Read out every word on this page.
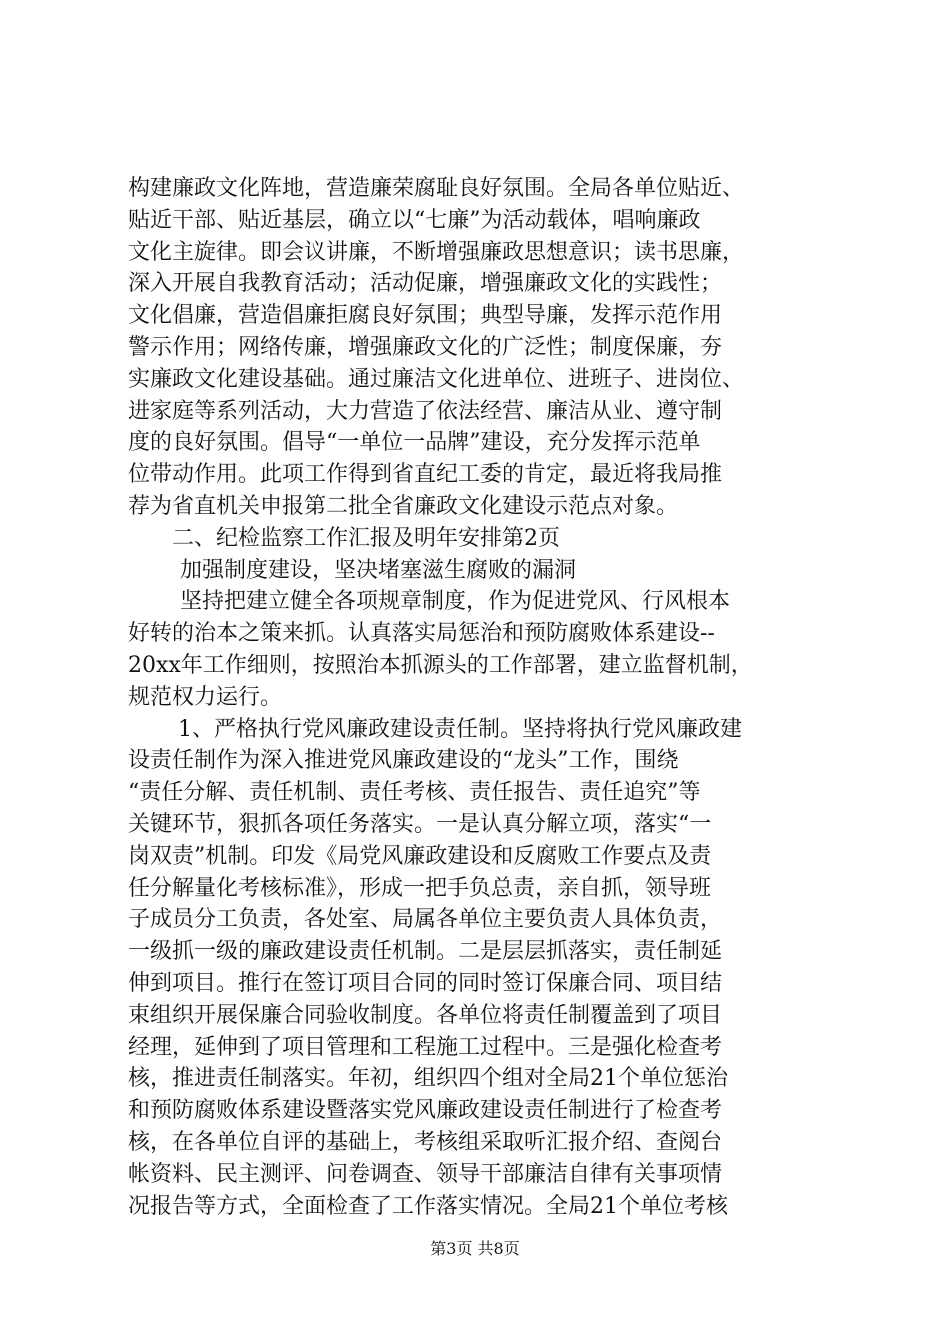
构建廉政文化阵地，营造廉荣腐耻良好氛围。全局各单位贴近、
贴近干部、贴近基层，确立以“七廉”为活动载体，唱响廉政
文化主旋律。即会议讲廉，不断增强廉政思想意识；读书思廉，
深入开展自我教育活动；活动促廉，增强廉政文化的实践性；
文化倡廉，营造倡廉拒腐良好氛围；典型导廉，发挥示范作用
警示作用；网络传廉，增强廉政文化的广泛性；制度保廉，夯
实廉政文化建设基础。通过廉洁文化进单位、进班子、进岗位、
进家庭等系列活动，大力营造了依法经营、廉洁从业、遵守制
度的良好氛围。倡导“一单位一品牌”建设，充分发挥示范单
位带动作用。此项工作得到省直纪工委的肯定，最近将我局推
荐为省直机关申报第二批全省廉政文化建设示范点对象。
二、纪检监察工作汇报及明年安排第2页
加强制度建设，坚决堵塞滋生腐败的漏洞
坚持把建立健全各项规章制度，作为促进党风、行风根本
好转的治本之策来抓。认真落实局惩治和预防腐败体系建设--
20xx年工作细则，按照治本抓源头的工作部署，建立监督机制，
规范权力运行。
1、严格执行党风廉政建设责任制。坚持将执行党风廉政建
设责任制作为深入推进党风廉政建设的“龙头”工作，围绕
“责任分解、责任机制、责任考核、责任报告、责任追究”等
关键环节，狠抓各项任务落实。一是认真分解立项，落实“一
岗双责”机制。印发《局党风廉政建设和反腐败工作要点及责
任分解量化考核标准》，形成一把手负总责，亲自抓，领导班
子成员分工负责，各处室、局属各单位主要负责人具体负责，
一级抓一级的廉政建设责任机制。二是层层抓落实，责任制延
伸到项目。推行在签订项目合同的同时签订保廉合同、项目结
束组织开展保廉合同验收制度。各单位将责任制覆盖到了项目
经理，延伸到了项目管理和工程施工过程中。三是强化检查考
核，推进责任制落实。年初，组织四个组对全局21个单位惩治
和预防腐败体系建设暨落实党风廉政建设责任制进行了检查考
核，在各单位自评的基础上，考核组采取听汇报介绍、查阅台
帐资料、民主测评、问卷调查、领导干部廉洁自律有关事项情
况报告等方式，全面检查了工作落实情况。全局21个单位考核
第3页 共8页
